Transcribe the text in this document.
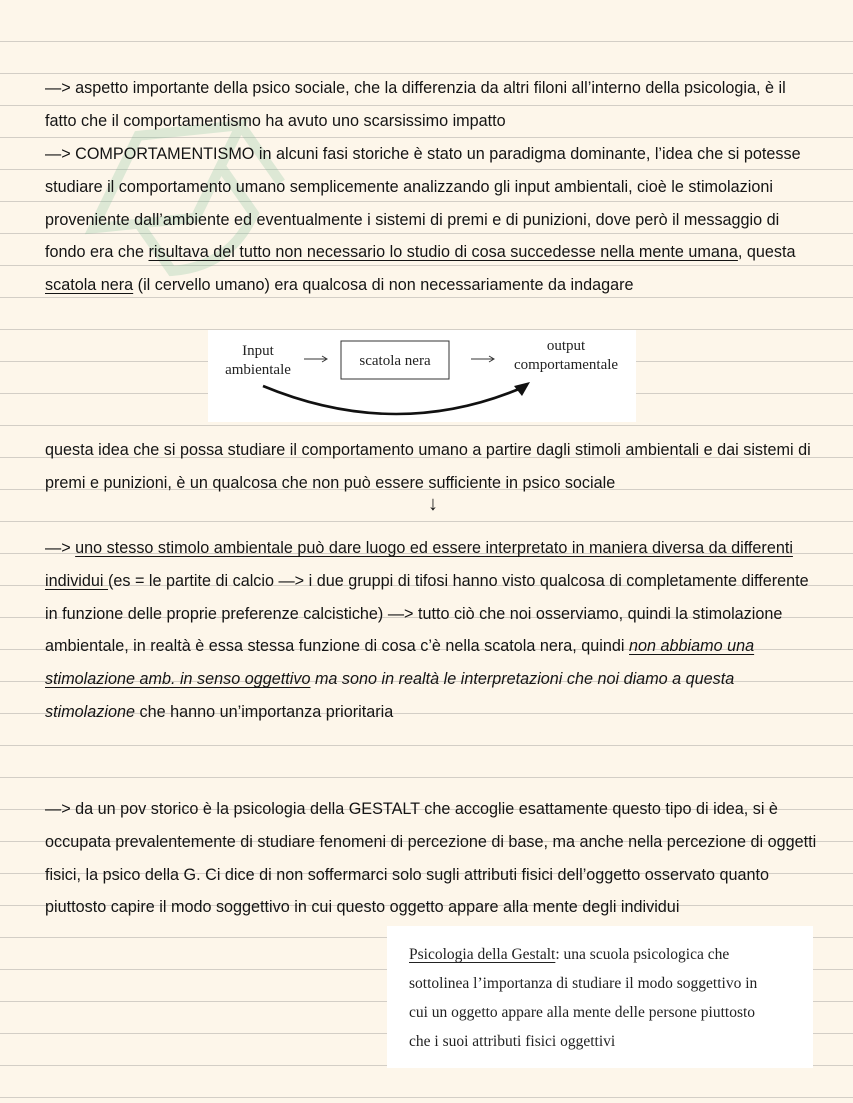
—> aspetto importante della psico sociale, che la differenzia da altri filoni all’interno della psicologia, è il fatto che il comportamentismo ha avuto uno scarsissimo impatto

—> COMPORTAMENTISMO in alcuni fasi storiche è stato un paradigma dominante, l’idea che si potesse studiare il comportamento umano semplicemente analizzando gli input ambientali, cioè le stimolazioni proveniente dall’ambiente ed eventualmente i sistemi di premi e di punizioni, dove però il messaggio di fondo era che risultava del tutto non necessario lo studio di cosa succedesse nella mente umana, questa scatola nera (il cervello umano) era qualcosa di non necessariamente da indagare

Input
ambientale
scatola nera
output
comportamentale

questa idea che si possa studiare il comportamento umano a partire dagli stimoli ambientali e dai sistemi di premi e punizioni, è un qualcosa che non può essere sufficiente in psico sociale

↓

—> uno stesso stimolo ambientale può dare luogo ed essere interpretato in maniera diversa da differenti individui (es = le partite di calcio —> i due gruppi di tifosi hanno visto qualcosa di completamente differente in funzione delle proprie preferenze calcistiche) —> tutto ciò che noi osserviamo, quindi la stimolazione ambientale, in realtà è essa stessa funzione di cosa c’è nella scatola nera, quindi non abbiamo una stimolazione amb. in senso oggettivo ma sono in realtà le interpretazioni che noi diamo a questa stimolazione che hanno un’importanza prioritaria

—> da un pov storico è la psicologia della GESTALT che accoglie esattamente questo tipo di idea, si è occupata prevalentemente di studiare fenomeni di percezione di base, ma anche nella percezione di oggetti fisici, la psico della G. Ci dice di non soffermarci solo sugli attributi fisici dell’oggetto osservato quanto piuttosto capire il modo soggettivo in cui questo oggetto appare alla mente degli individui

Psicologia della Gestalt: una scuola psicologica che
sottolinea l’importanza di studiare il modo soggettivo in
cui un oggetto appare alla mente delle persone piuttosto
che i suoi attributi fisici oggettivi
